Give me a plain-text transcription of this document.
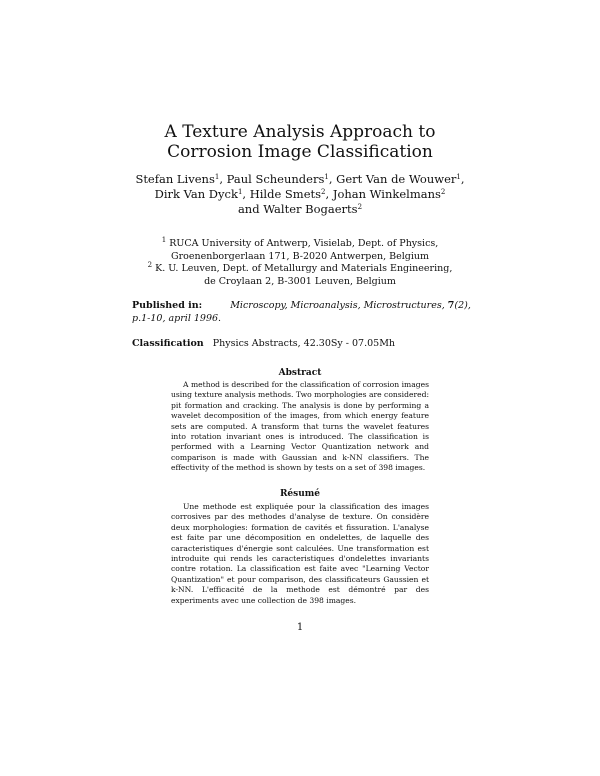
A Texture Analysis Approach to
Corrosion Image Classification
Stefan Livens$^1$, Paul Scheunders$^1$, Gert Van de Wouwer$^1$,
Dirk Van Dyck$^1$, Hilde Smets$^2$, Johan Winkelmans$^2$
and Walter Bogaerts$^2$
$^1$ RUCA University of Antwerp, Visielab, Dept. of Physics,
Groenenborgerlaan 171, B-2020 Antwerpen, Belgium
$^2$ K. U. Leuven, Dept. of Metallurgy and Materials Engineering,
de Croylaan 2, B-3001 Leuven, Belgium
Published in:	Microscopy, Microanalysis, Microstructures, 7(2), p.1-10, april 1996.
Classification Physics Abstracts, 42.30Sy - 07.05Mh
Abstract

A method is described for the classification of corrosion images using texture analysis methods. Two morphologies are considered: pit formation and cracking. The analysis is done by performing a wavelet decomposition of the images, from which energy feature sets are computed. A transform that turns the wavelet features into rotation invariant ones is introduced. The classification is performed with a Learning Vector Quantization network and comparison is made with Gaussian and k-NN classifiers. The effectivity of the method is shown by tests on a set of 398 images.

Résumé

Une methode est expliquée pour la classification des images corrosives par des methodes d'analyse de texture. On considère deux morphologies: formation de cavités et fissuration. L'analyse est faite par une décomposition en ondelettes, de laquelle des caracteristiques d'énergie sont calculées. Une transformation est introduite qui rends les caracteristiques d'ondelettes invariants contre rotation. La classification est faite avec "Learning Vector Quantization" et pour comparison, des classificateurs Gaussien et k-NN. L'efficacité de la methode est démontré par des experiments avec une collection de 398 images.

1
